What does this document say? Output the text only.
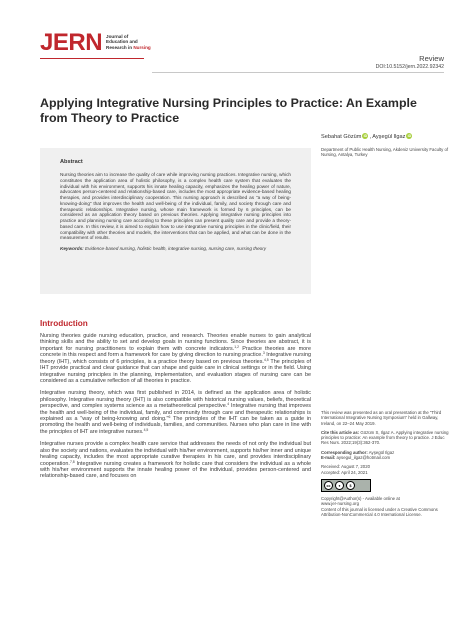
JERN Journal of
Education and
Research in Nursing
Review
DOI:10.5152/jern.2022.92342
Applying Integrative Nursing Principles to Practice: An Example from Theory to Practice
Sebahat Gözüm iD , Ayşegül Ilgaz iD
Department of Public Health Nursing, Akdeniz University Faculty of Nursing, Antalya, Turkey
Abstract
Nursing theories aim to increase the quality of care while improving nursing practices. Integrative nursing, which constitutes the application area of holistic philosophy, is a complex health care system that evaluates the individual with his environment, supports his innate healing capacity, emphasizes the healing power of nature, advocates person-centered and relationship-based care, includes the most appropriate evidence-based healing therapies, and provides interdisciplinary cooperation. This nursing approach is described as "a way of being-knowing-doing" that improves the health and well-being of the individual, family, and society through care and therapeutic relationships. Integrative nursing, whose main framework is formed by 6 principles, can be considered as an application theory based on previous theories. Applying integrative nursing principles into practice and planning nursing care according to these principles can present quality care and provide a theory-based care. In this review, it is aimed to explain how to use integrative nursing principles in the clinic/field, their compatibility with other theories and models, the interventions that can be applied, and what can be done in the measurement of results.
Keywords: Evidence-based nursing, holistic health, integrative nursing, nursing care, nursing theory
Introduction

Nursing theories guide nursing education, practice, and research. Theories enable nurses to gain analytical thinking skills and the ability to set and develop goals in nursing functions. Since theories are abstract, it is important for nursing practitioners to explain them with concrete indicators.$^{1,2}$ Practice theories are more concrete in this respect and form a framework for care by giving direction to nursing practice.$^3$ Integrative nursing theory (IHT), which consists of 6 principles, is a practice theory based on previous theories.$^{4,5}$ The principles of IHT provide practical and clear guidance that can shape and guide care in clinical settings or in the field. Using integrative nursing principles in the planning, implementation, and evaluation stages of nursing care can be considered as a cumulative reflection of all theories in practice.

Integrative nursing theory, which was first published in 2014, is defined as the application area of holistic philosophy. Integrative nursing theory (IHT) is also compatible with historical nursing values, beliefs, theoretical perspective, and complex systems science as a metatheoretical perspective.$^4$ Integrative nursing that improves the health and well-being of the individual, family, and community through care and therapeutic relationships is explained as a "way of being-knowing and doing."$^6$ The principles of the IHT can be taken as a guide in promoting the health and well-being of individuals, families, and communities. Nurses who plan care in line with the principles of IHT are integrative nurses.$^{4,5}$

Integrative nurses provide a complex health care service that addresses the needs of not only the individual but also the society and nations, evaluates the individual with his/her environment, supports his/her inner and unique healing capacity, includes the most appropriate curative therapies in his care, and provides interdisciplinary cooperation.$^{7,8}$ Integrative nursing creates a framework for holistic care that considers the individual as a whole with his/her environment supports the innate healing power of the individual, provides person-centered and relationship-based care, and focuses on

This review was presented as an oral presentation at the "Third International Integrative Nursing Symposium" held in Gallway, Ireland, on 22–24 May 2019.

Cite this article as: Gözüm S, Ilgaz A. Applying integrative nursing principles to practice: An example from theory to practice. J Educ Res Nurs. 2022;19(3):362-370.

Corresponding author: Ayşegül Ilgaz
E-mail: aysegul_ilgaz@hotmail.com

Received: August 7, 2020
Accepted: April 24, 2021

cc	●	$

Copyright@Author(s) - Available online at
www.jer-nursing.org
Content of this journal is licensed under a Creative Commons Attribution-NonCommercial 4.0 International License.
